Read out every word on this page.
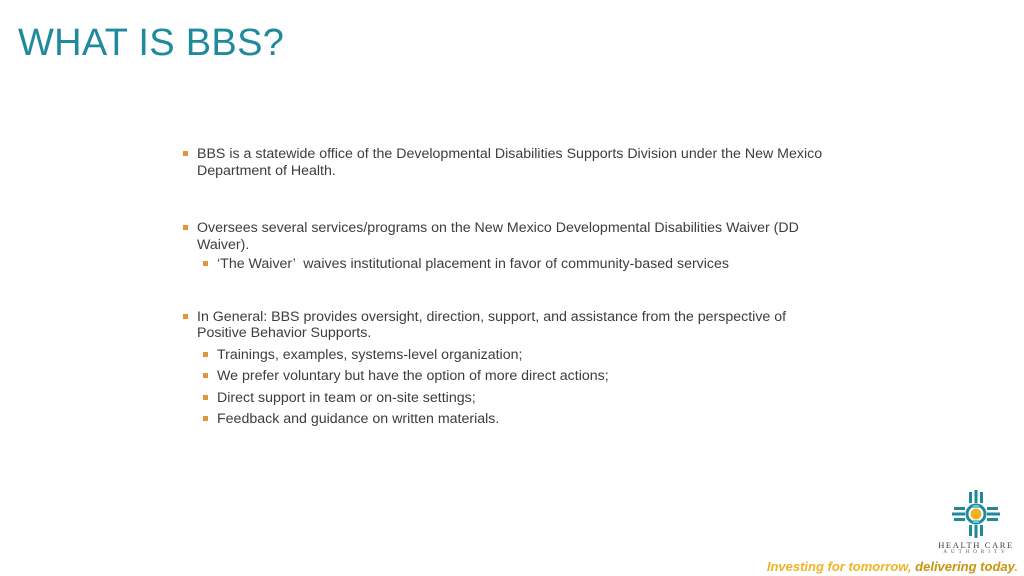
WHAT IS BBS?
BBS is a statewide office of the Developmental Disabilities Supports Division under the New Mexico Department of Health.
Oversees several services/programs on the New Mexico Developmental Disabilities Waiver (DD Waiver).
‘The Waiver’  waives institutional placement in favor of community-based services
In General: BBS provides oversight, direction, support, and assistance from the perspective of Positive Behavior Supports.
Trainings, examples, systems-level organization;
We prefer voluntary but have the option of more direct actions;
Direct support in team or on-site settings;
Feedback and guidance on written materials.
HEALTH CARE
AUTHORITY
Investing for tomorrow, delivering today.
